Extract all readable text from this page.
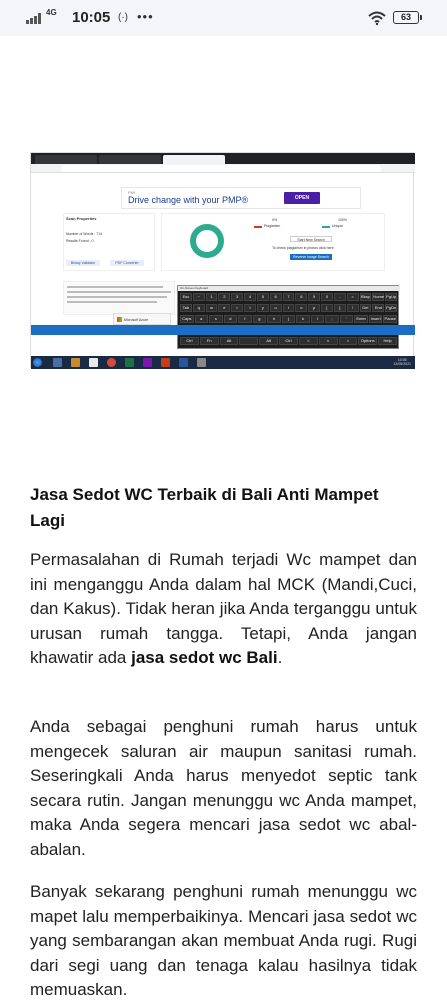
4G 10:05 (·) •••	63
PMI
Drive change with your PMP®	OPEN
Scan Properties
Number of Words : 714
Results Found : 0
Binary Validator	PDF Converter
0%	100%
Plagiarism	Unique
Start New Search
To check plagiarism in photos click here
Reverse Image Search
On-Screen Keyboard
Esc	~	1	2	3	4	5	6	7	8	9	0	-	=	Bksp Home PgUp
Tab	q	w	e	r	t	y	u	i	o	p	[	]	\	Del	End	PgDn
Caps	a	s	d	f	g	h	j	k	l	;	'	Enter	Insert Pause
Ctrl	Fn	Alt	Alt	Ctrl	<	v	>	Options	Help
Microsoft Azure
10:05
12/05/2021
Jasa Sedot WC Terbaik di Bali Anti Mampet Lagi

Permasalahan di Rumah terjadi Wc mampet dan ini menganggu Anda dalam hal MCK (Mandi,Cuci, dan Kakus). Tidak heran jika Anda terganggu untuk urusan rumah tangga. Tetapi, Anda jangan khawatir ada jasa sedot wc Bali.

Anda sebagai penghuni rumah harus untuk mengecek saluran air maupun sanitasi rumah. Seseringkali Anda harus menyedot septic tank secara rutin. Jangan menunggu wc Anda mampet, maka Anda segera mencari jasa sedot wc abal-abalan.

Banyak sekarang penghuni rumah menunggu wc mapet lalu memperbaikinya. Mencari jasa sedot wc yang sembarangan akan membuat Anda rugi. Rugi dari segi uang dan tenaga kalau hasilnya tidak memuaskan.
